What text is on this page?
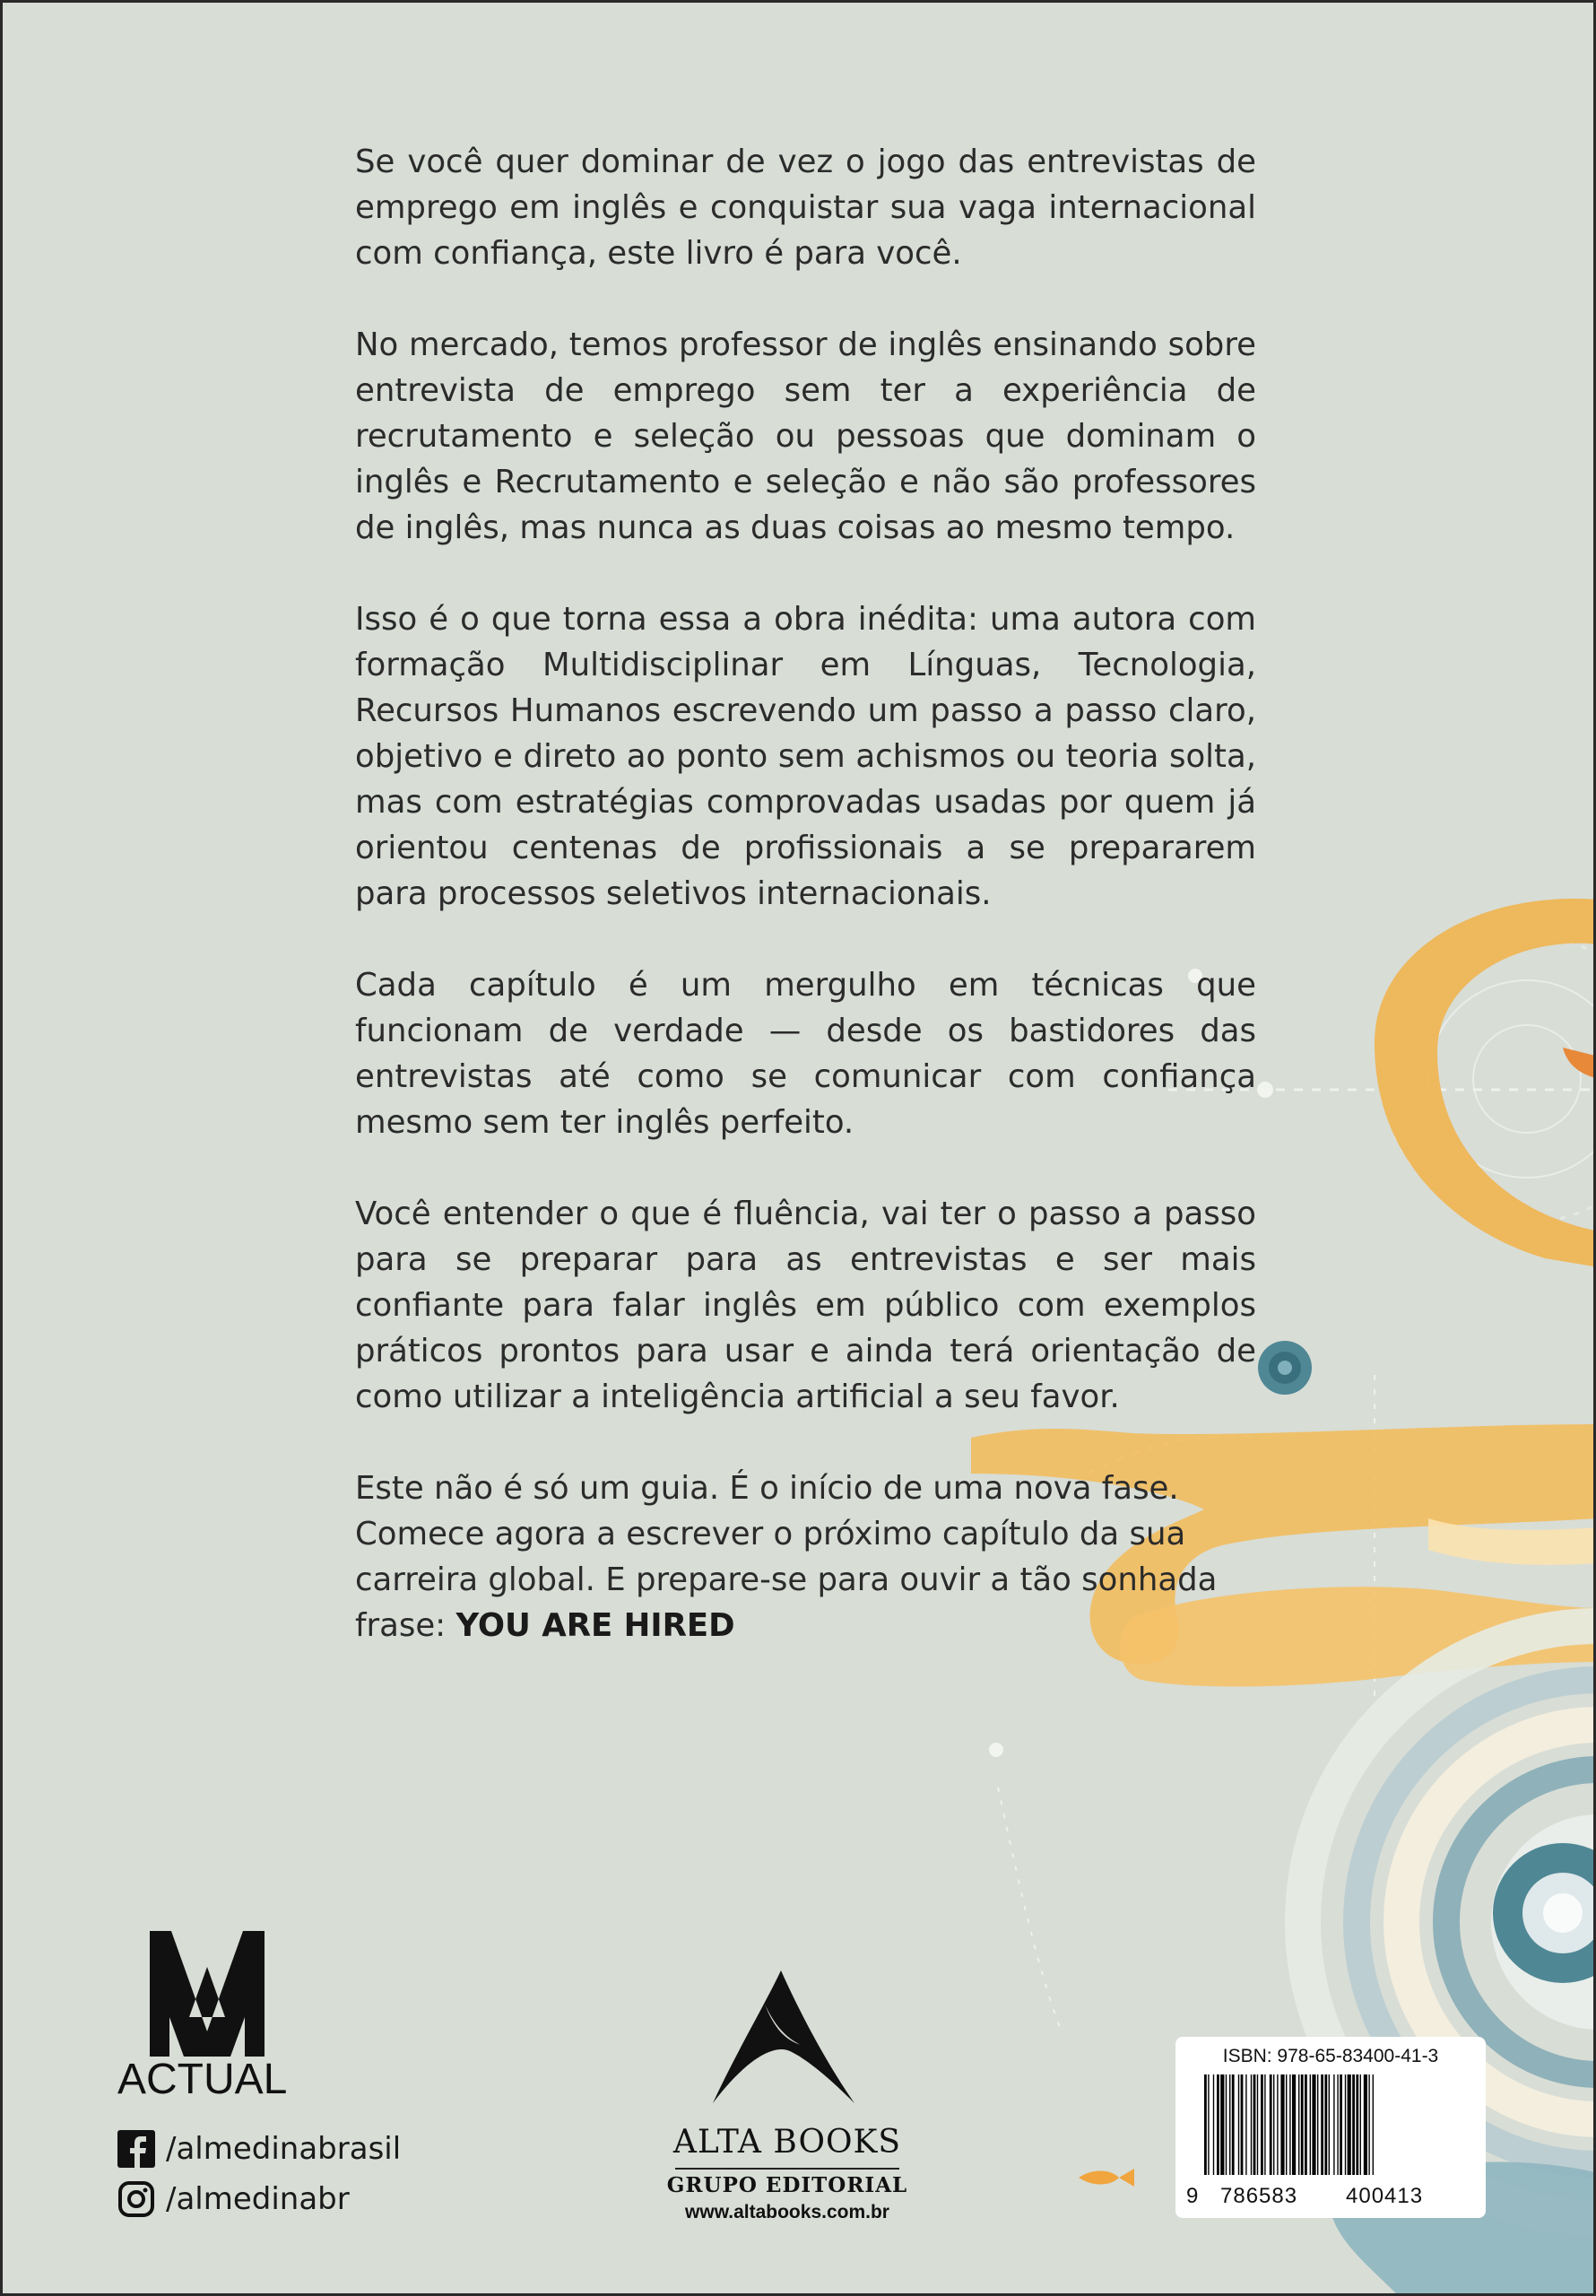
Se você quer dominar de vez o jogo das entrevistas de emprego em inglês e conquistar sua vaga internacional com confiança, este livro é para você.

No mercado, temos professor de inglês ensinando sobre entrevista de emprego sem ter a experiência de recrutamento e seleção ou pessoas que dominam o inglês e Recrutamento e seleção e não são professores de inglês, mas nunca as duas coisas ao mesmo tempo.

Isso é o que torna essa a obra inédita: uma autora com formação Multidisciplinar em Línguas, Tecnologia, Recursos Humanos escrevendo um passo a passo claro, objetivo e direto ao ponto sem achismos ou teoria solta, mas com estratégias comprovadas usadas por quem já orientou centenas de profissionais a se prepararem para processos seletivos internacionais.

Cada capítulo é um mergulho em técnicas que funcionam de verdade — desde os bastidores das entrevistas até como se comunicar com confiança mesmo sem ter inglês perfeito.

Você entender o que é fluência, vai ter o passo a passo para se preparar para as entrevistas e ser mais confiante para falar inglês em público com exemplos práticos prontos para usar e ainda terá orientação de como utilizar a inteligência artificial a seu favor.

Este não é só um guia. É o início de uma nova fase. Comece agora a escrever o próximo capítulo da sua carreira global. E prepare-se para ouvir a tão sonhada frase: YOU ARE HIRED

ACTUAL
/almedinabrasil
/almedinabr
ALTA BOOKS
GRUPO EDITORIAL
www.altabooks.com.br
ISBN: 978-65-83400-41-3
9 786583 400413
